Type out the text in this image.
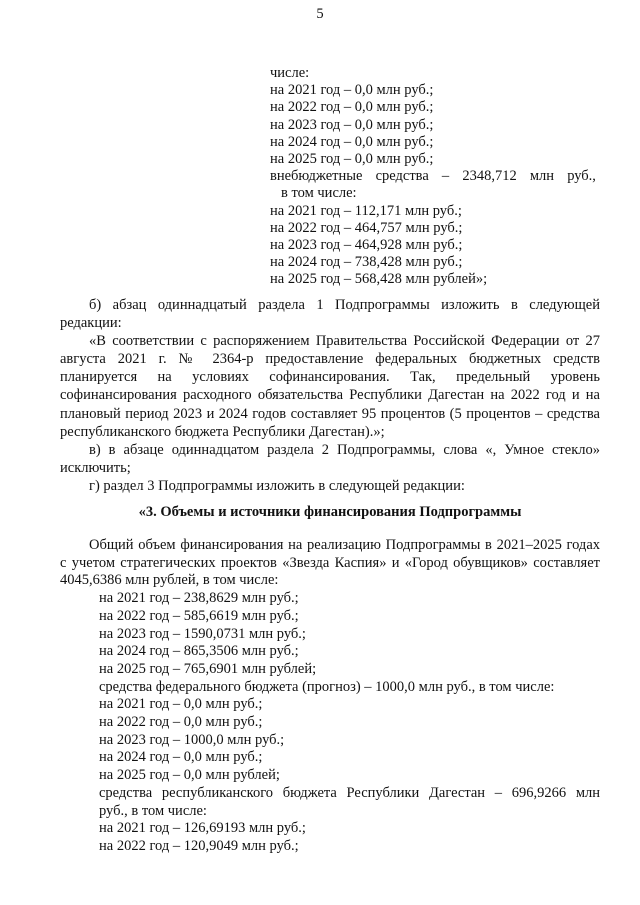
5
числе:
на 2021 год – 0,0 млн руб.;
на 2022 год – 0,0 млн руб.;
на 2023 год – 0,0 млн руб.;
на 2024 год – 0,0 млн руб.;
на 2025 год – 0,0 млн руб.;
внебюджетные средства – 2348,712 млн руб.,
в том числе:
на 2021 год – 112,171 млн руб.;
на 2022 год – 464,757 млн руб.;
на 2023 год – 464,928 млн руб.;
на 2024 год – 738,428 млн руб.;
на 2025 год – 568,428 млн рублей»;

б) абзац одиннадцатый раздела 1 Подпрограммы изложить в следующей редакции:

«В соответствии с распоряжением Правительства Российской Федерации от 27 августа 2021 г. № 2364-р предоставление федеральных бюджетных средств планируется на условиях софинансирования. Так, предельный уровень софинансирования расходного обязательства Республики Дагестан на 2022 год и на плановый период 2023 и 2024 годов составляет 95 процентов (5 процентов – средства республиканского бюджета Республики Дагестан).»;

в) в абзаце одиннадцатом раздела 2 Подпрограммы, слова «, Умное стекло» исключить;

г) раздел 3 Подпрограммы изложить в следующей редакции:

«3. Объемы и источники финансирования Подпрограммы

Общий объем финансирования на реализацию Подпрограммы в 2021–2025 годах с учетом стратегических проектов «Звезда Каспия» и «Город обувщиков» составляет 4045,6386 млн рублей, в том числе:

на 2021 год – 238,8629 млн руб.;
на 2022 год – 585,6619 млн руб.;
на 2023 год – 1590,0731 млн руб.;
на 2024 год – 865,3506 млн руб.;
на 2025 год – 765,6901 млн рублей;
средства федерального бюджета (прогноз) – 1000,0 млн руб., в том числе:
на 2021 год – 0,0 млн руб.;
на 2022 год – 0,0 млн руб.;
на 2023 год – 1000,0 млн руб.;
на 2024 год – 0,0 млн руб.;
на 2025 год – 0,0 млн рублей;
средства республиканского бюджета Республики Дагестан – 696,9266 млн
руб., в том числе:
на 2021 год – 126,69193 млн руб.;
на 2022 год – 120,9049 млн руб.;
